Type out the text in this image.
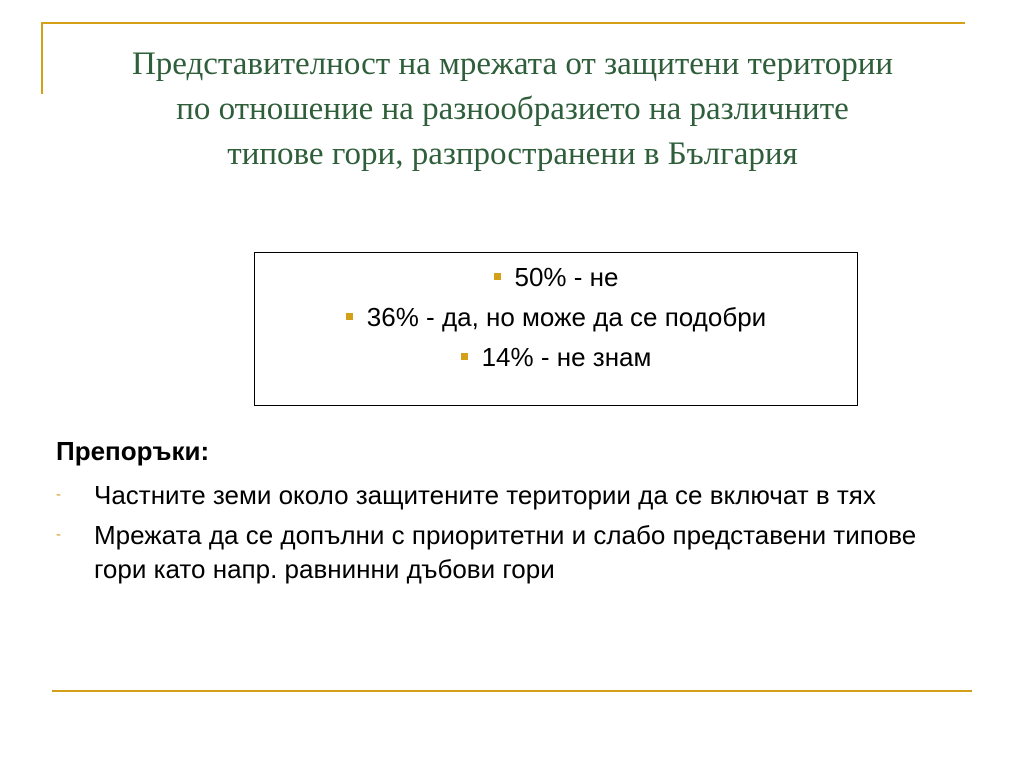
Представителност на мрежата от защитени територии
по отношение на разнообразието на различните
типове гори, разпространени в България
50% - не
36% - да, но може да се подобри
14% - не знам
Препоръки:
- Частните земи около защитените територии да се включат в тях
- Мрежата да се допълни с приоритетни и слабо представени типове гори като напр. равнинни дъбови гори
